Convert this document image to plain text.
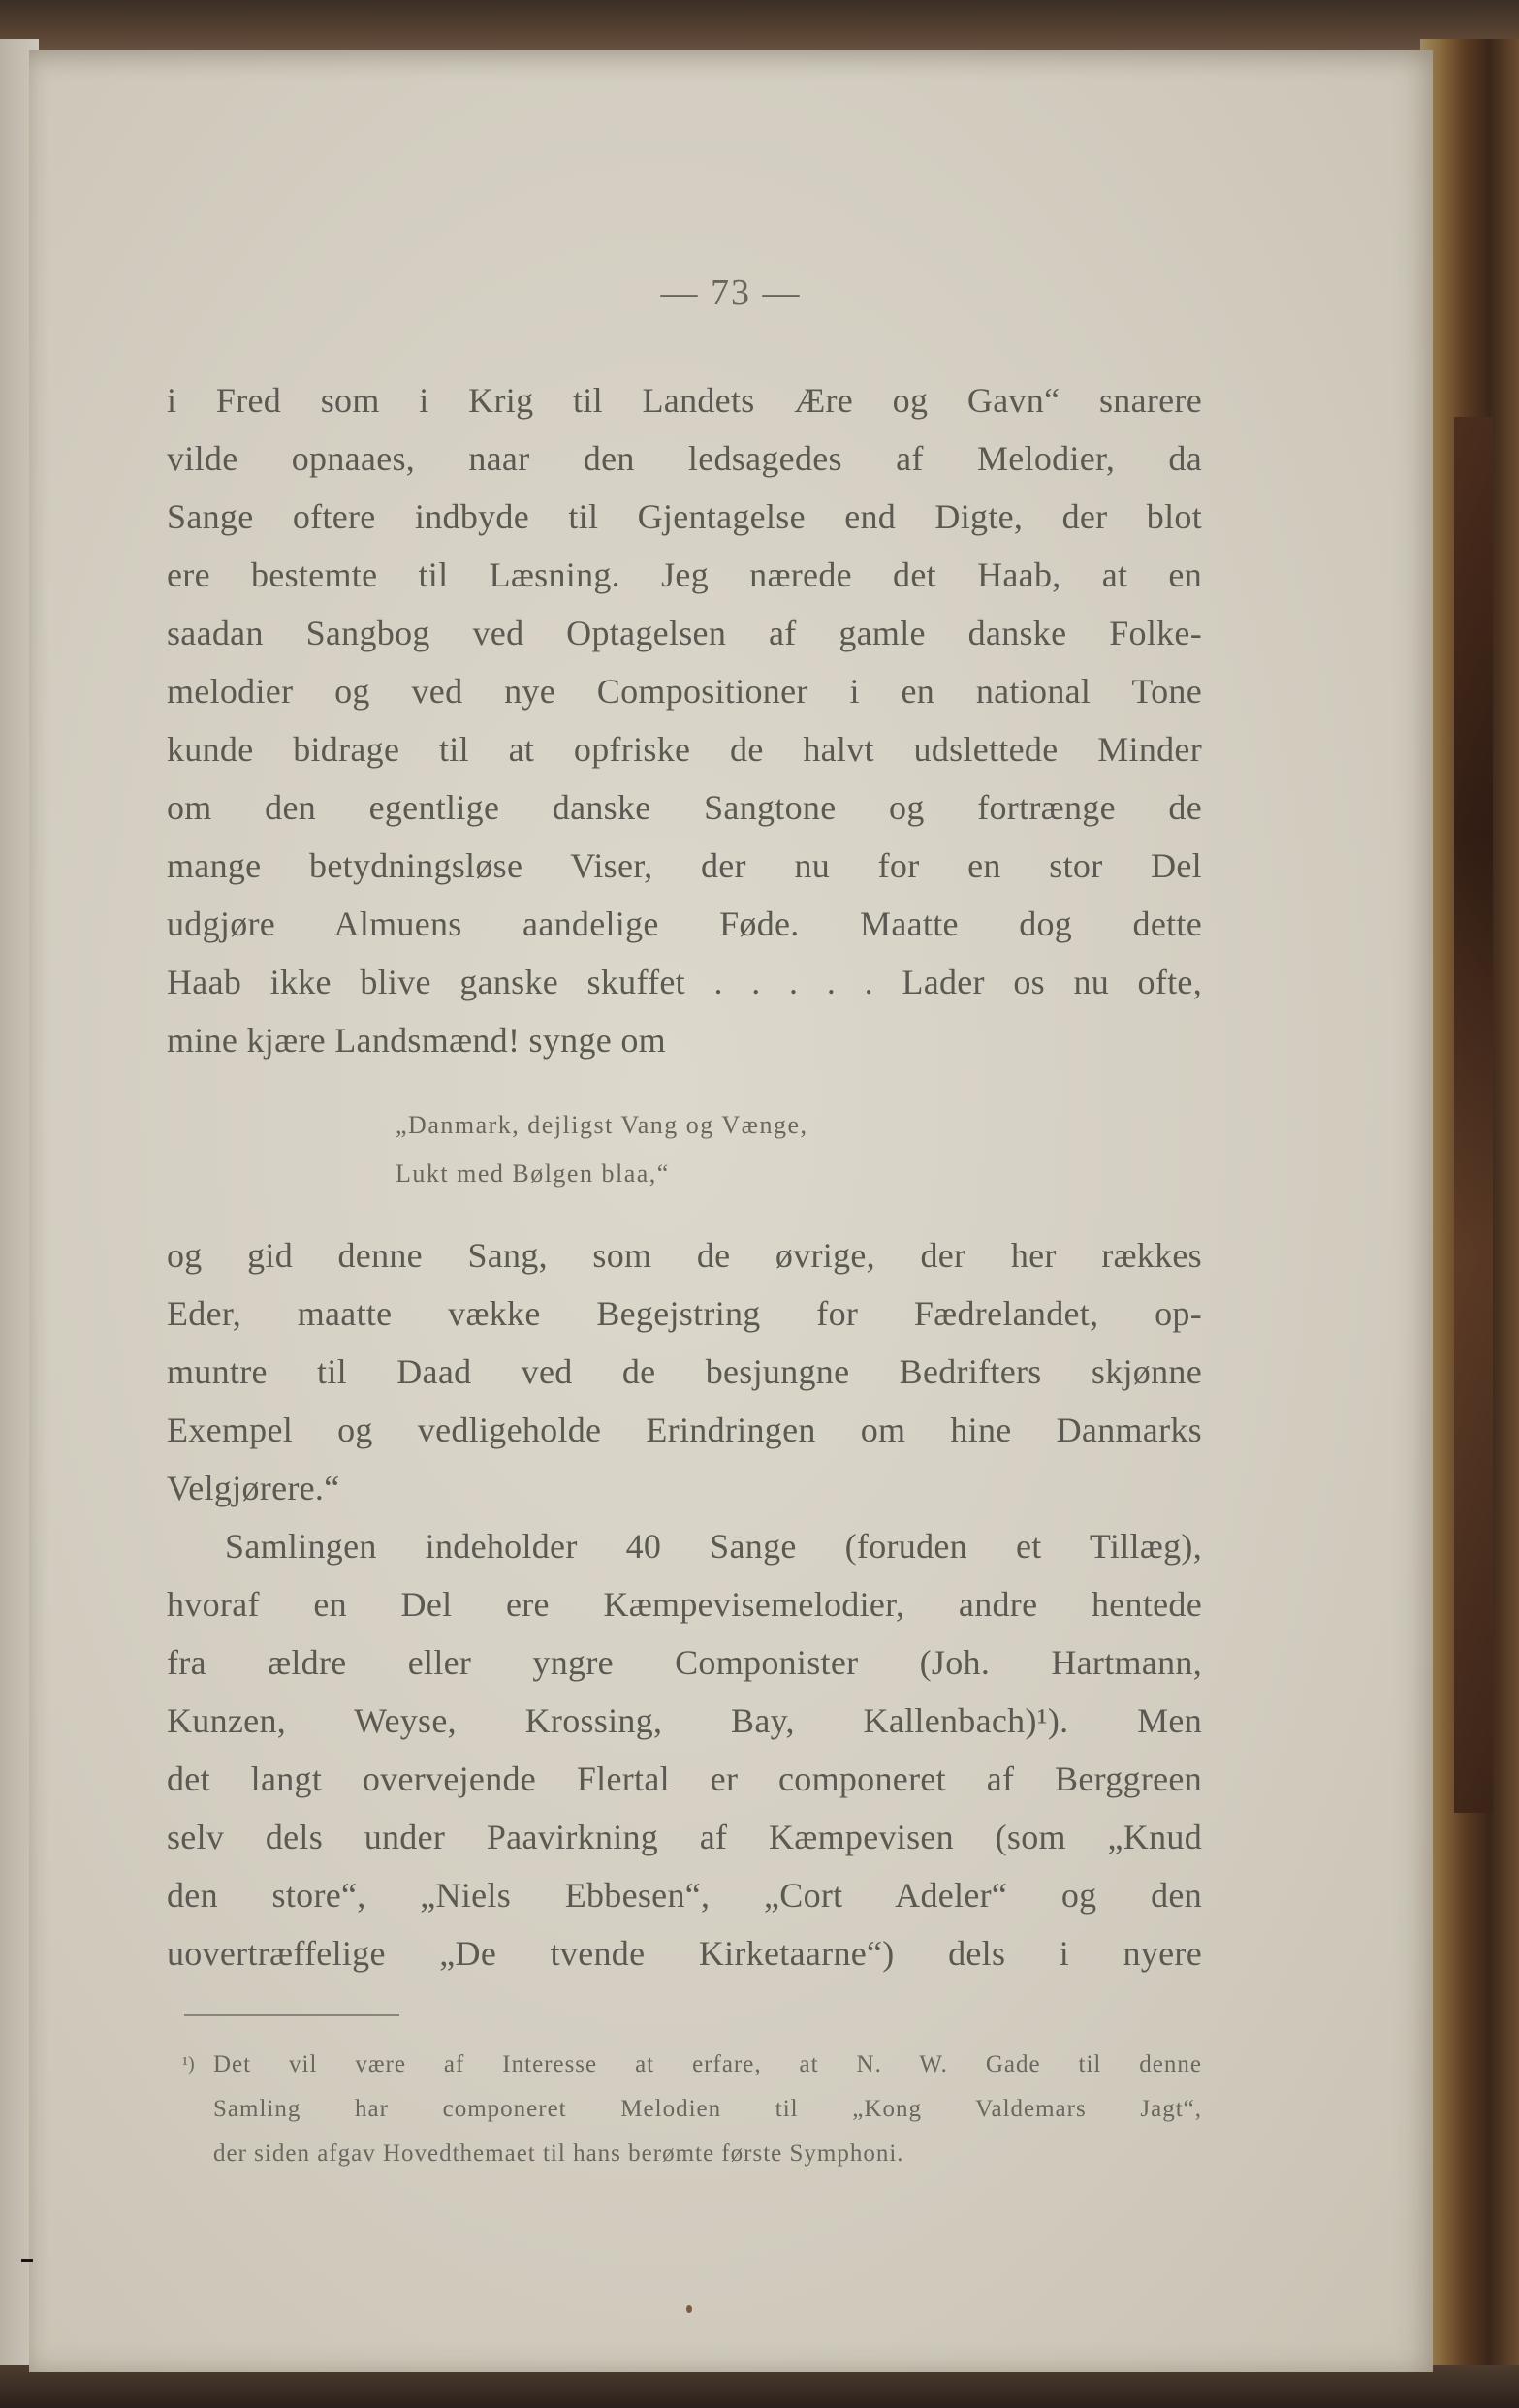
— 73 —
i Fred som i Krig til Landets Ære og Gavn“ snarere
vilde opnaaes, naar den ledsagedes af Melodier, da
Sange oftere indbyde til Gjentagelse end Digte, der blot
ere bestemte til Læsning. Jeg nærede det Haab, at en
saadan Sangbog ved Optagelsen af gamle danske Folke-
melodier og ved nye Compositioner i en national Tone
kunde bidrage til at opfriske de halvt udslettede Minder
om den egentlige danske Sangtone og fortrænge de
mange betydningsløse Viser, der nu for en stor Del
udgjøre Almuens aandelige Føde. Maatte dog dette
Haab ikke blive ganske skuffet . . . . . Lader os nu ofte,
mine kjære Landsmænd! synge om
„Danmark, dejligst Vang og Vænge,
Lukt med Bølgen blaa,“
og gid denne Sang, som de øvrige, der her rækkes
Eder, maatte vække Begejstring for Fædrelandet, op-
muntre til Daad ved de besjungne Bedrifters skjønne
Exempel og vedligeholde Erindringen om hine Danmarks
Velgjørere.“
Samlingen indeholder 40 Sange (foruden et Tillæg),
hvoraf en Del ere Kæmpevisemelodier, andre hentede
fra ældre eller yngre Componister (Joh. Hartmann,
Kunzen, Weyse, Krossing, Bay, Kallenbach)¹). Men
det langt overvejende Flertal er componeret af Berggreen
selv dels under Paavirkning af Kæmpevisen (som „Knud
den store“, „Niels Ebbesen“, „Cort Adeler“ og den
uovertræffelige „De tvende Kirketaarne“) dels i nyere
¹) Det vil være af Interesse at erfare, at N. W. Gade til denne
Samling har componeret Melodien til „Kong Valdemars Jagt“,
der siden afgav Hovedthemaet til hans berømte første Symphoni.
